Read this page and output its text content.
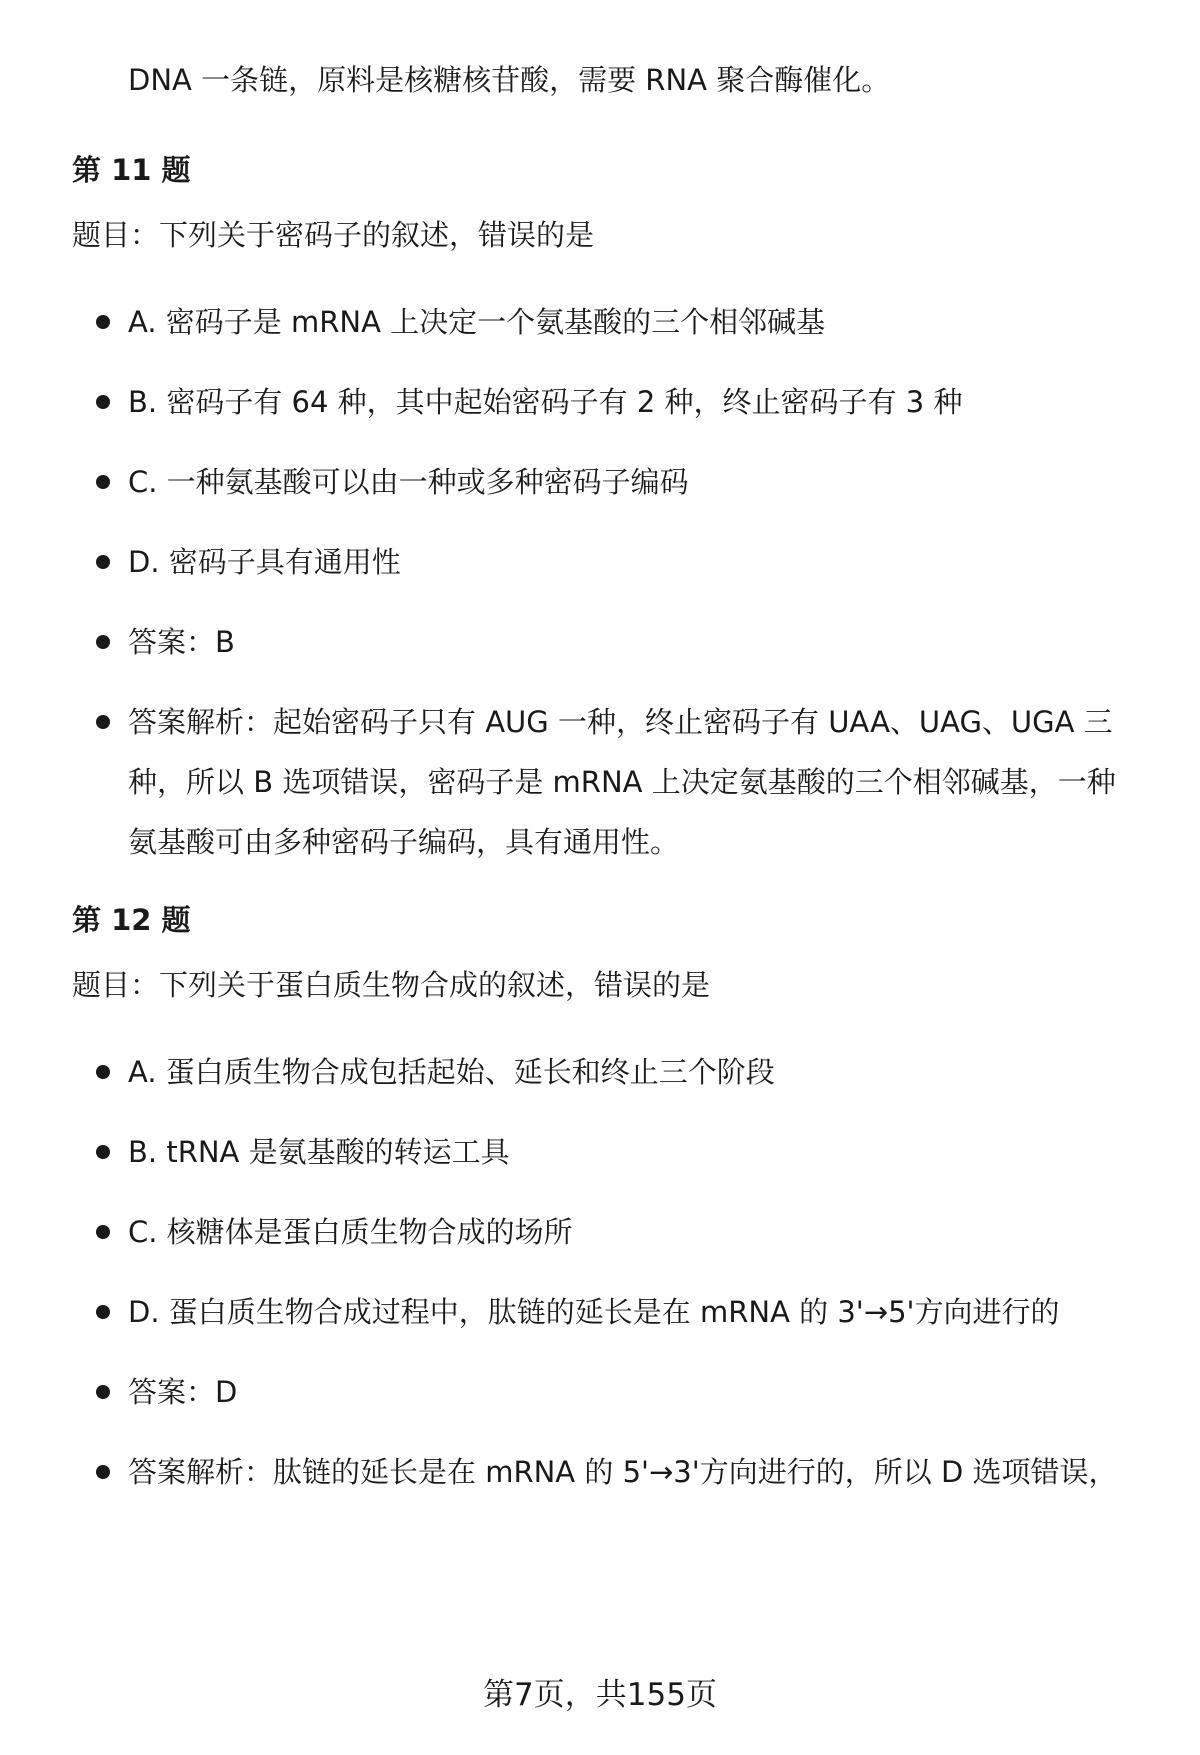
DNA 一条链，原料是核糖核苷酸，需要 RNA 聚合酶催化。

第 11 题

题目：下列关于密码子的叙述，错误的是

A. 密码子是 mRNA 上决定一个氨基酸的三个相邻碱基

B. 密码子有 64 种，其中起始密码子有 2 种，终止密码子有 3 种

C. 一种氨基酸可以由一种或多种密码子编码

D. 密码子具有通用性

答案：B

答案解析：起始密码子只有 AUG 一种，终止密码子有 UAA、UAG、UGA 三种，所以 B 选项错误，密码子是 mRNA 上决定氨基酸的三个相邻碱基，一种氨基酸可由多种密码子编码，具有通用性。

第 12 题

题目：下列关于蛋白质生物合成的叙述，错误的是

A. 蛋白质生物合成包括起始、延长和终止三个阶段

B. tRNA 是氨基酸的转运工具

C. 核糖体是蛋白质生物合成的场所

D. 蛋白质生物合成过程中，肽链的延长是在 mRNA 的 3'→5'方向进行的

答案：D

答案解析：肽链的延长是在 mRNA 的 5'→3'方向进行的，所以 D 选项错误，

第7页，共155页
